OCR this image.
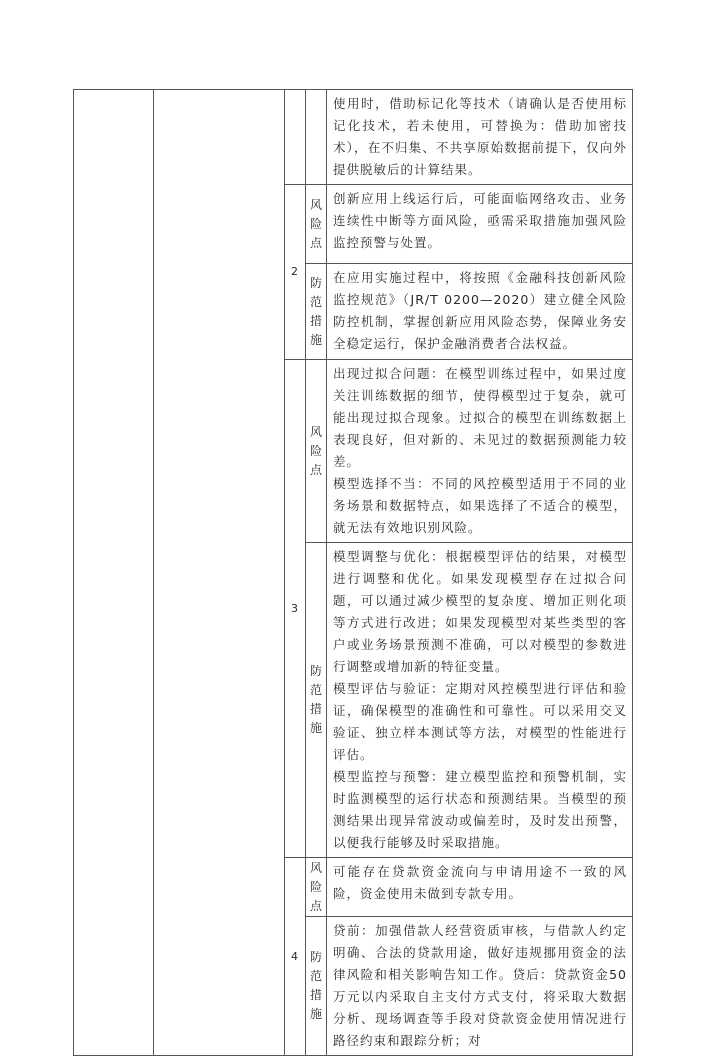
				使用时，借助标记化等技术（请确认是否使用标记化技术，若未使用，可替换为：借助加密技术），在不归集、不共享原始数据前提下，仅向外提供脱敏后的计算结果。
		2	风险点	创新应用上线运行后，可能面临网络攻击、业务连续性中断等方面风险，亟需采取措施加强风险监控预警与处置。

			防范措施	在应用实施过程中，将按照《金融科技创新风险监控规范》（JR/T 0200—2020）建立健全风险防控机制，掌握创新应用风险态势，保障业务安全稳定运行，保护金融消费者合法权益。
		3	风险点	出现过拟合问题：在模型训练过程中，如果过度关注训练数据的细节，使得模型过于复杂，就可能出现过拟合现象。过拟合的模型在训练数据上表现良好，但对新的、未见过的数据预测能力较差。

模型选择不当：不同的风控模型适用于不同的业务场景和数据特点，如果选择了不适合的模型，就无法有效地识别风险。

			防范措施	模型调整与优化：根据模型评估的结果，对模型进行调整和优化。如果发现模型存在过拟合问题，可以通过减少模型的复杂度、增加正则化项等方式进行改进；如果发现模型对某些类型的客户或业务场景预测不准确，可以对模型的参数进行调整或增加新的特征变量。

模型评估与验证：定期对风控模型进行评估和验证，确保模型的准确性和可靠性。可以采用交叉验证、独立样本测试等方法，对模型的性能进行评估。

模型监控与预警：建立模型监控和预警机制，实时监测模型的运行状态和预测结果。当模型的预测结果出现异常波动或偏差时，及时发出预警，以便我行能够及时采取措施。

		4	风险点	可能存在贷款资金流向与申请用途不一致的风险，资金使用未做到专款专用。

			防范措施	贷前：加强借款人经营资质审核，与借款人约定明确、合法的贷款用途，做好违规挪用资金的法律风险和相关影响告知工作。贷后：贷款资金50万元以内采取自主支付方式支付，将采取大数据分析、现场调查等手段对贷款资金使用情况进行路径约束和跟踪分析；对
